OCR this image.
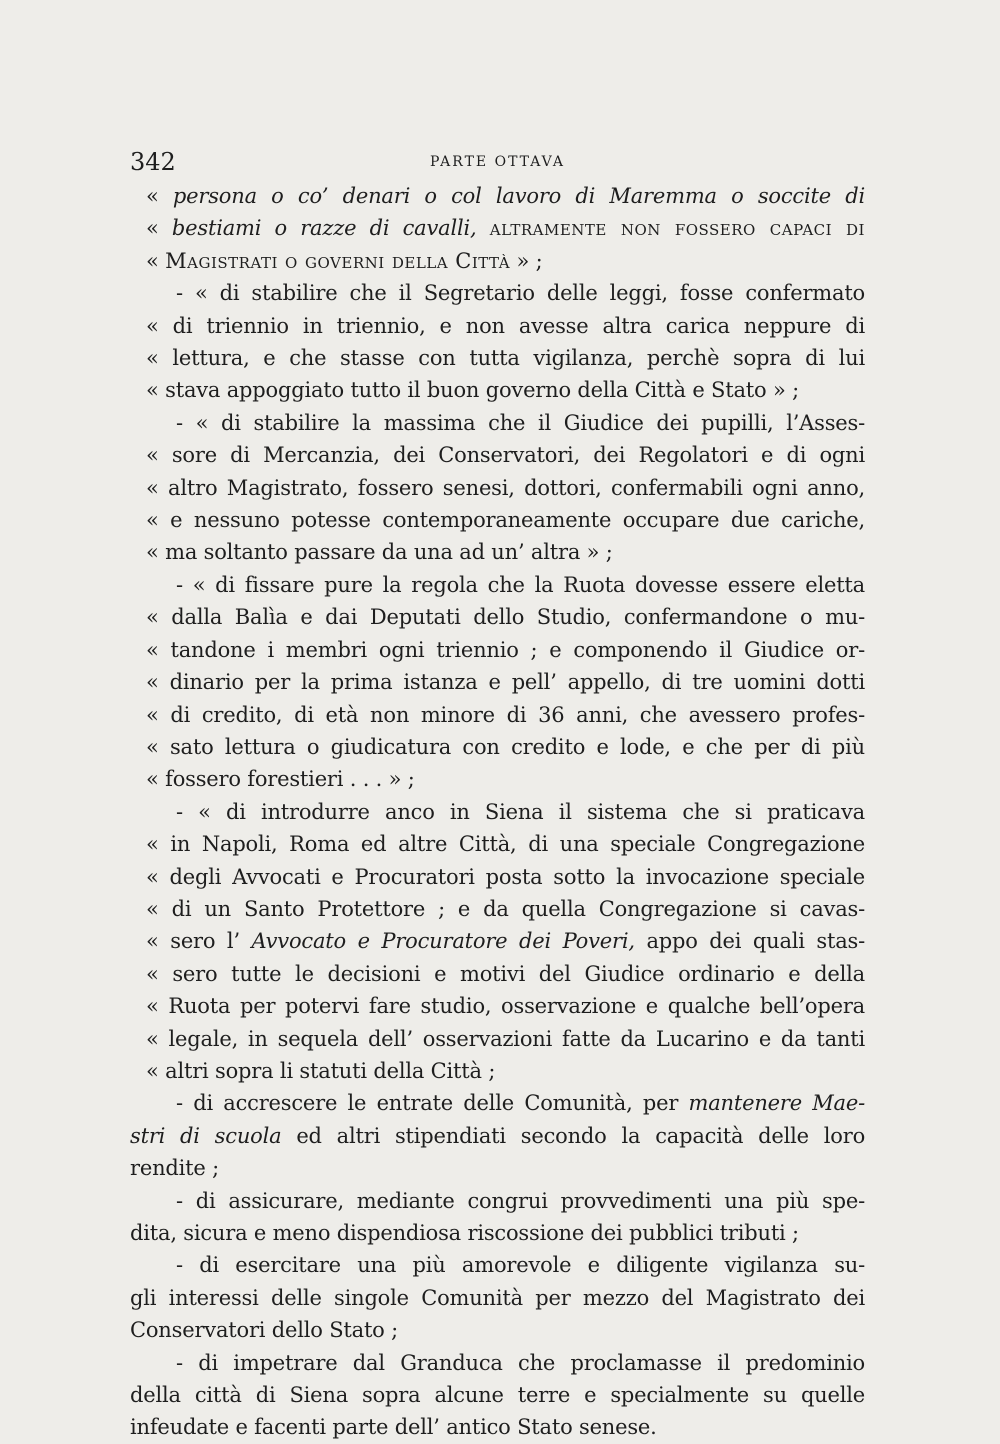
342	PARTE OTTAVA
« persona o co’ denari o col lavoro di Maremma o soccite di
« bestiami o razze di cavalli, altramente non fossero capaci di
« Magistrati o governi della Città » ;
- « di stabilire che il Segretario delle leggi, fosse confermato
« di triennio in triennio, e non avesse altra carica neppure di
« lettura, e che stasse con tutta vigilanza, perchè sopra di lui
« stava appoggiato tutto il buon governo della Città e Stato » ;
- « di stabilire la massima che il Giudice dei pupilli, l’Asses-
« sore di Mercanzia, dei Conservatori, dei Regolatori e di ogni
« altro Magistrato, fossero senesi, dottori, confermabili ogni anno,
« e nessuno potesse contemporaneamente occupare due cariche,
« ma soltanto passare da una ad un’ altra » ;
- « di fissare pure la regola che la Ruota dovesse essere eletta
« dalla Balìa e dai Deputati dello Studio, confermandone o mu-
« tandone i membri ogni triennio ; e componendo il Giudice or-
« dinario per la prima istanza e pell’ appello, di tre uomini dotti
« di credito, di età non minore di 36 anni, che avessero profes-
« sato lettura o giudicatura con credito e lode, e che per di più
« fossero forestieri . . . » ;
- « di introdurre anco in Siena il sistema che si praticava
« in Napoli, Roma ed altre Città, di una speciale Congregazione
« degli Avvocati e Procuratori posta sotto la invocazione speciale
« di un Santo Protettore ; e da quella Congregazione si cavas-
« sero l’ Avvocato e Procuratore dei Poveri, appo dei quali stas-
« sero tutte le decisioni e motivi del Giudice ordinario e della
« Ruota per potervi fare studio, osservazione e qualche bell’opera
« legale, in sequela dell’ osservazioni fatte da Lucarino e da tanti
« altri sopra li statuti della Città ;
- di accrescere le entrate delle Comunità, per mantenere Mae-
stri di scuola ed altri stipendiati secondo la capacità delle loro
rendite ;
- di assicurare, mediante congrui provvedimenti una più spe-
dita, sicura e meno dispendiosa riscossione dei pubblici tributi ;
- di esercitare una più amorevole e diligente vigilanza su-
gli interessi delle singole Comunità per mezzo del Magistrato dei
Conservatori dello Stato ;
- di impetrare dal Granduca che proclamasse il predominio
della città di Siena sopra alcune terre e specialmente su quelle
infeudate e facenti parte dell’ antico Stato senese.
